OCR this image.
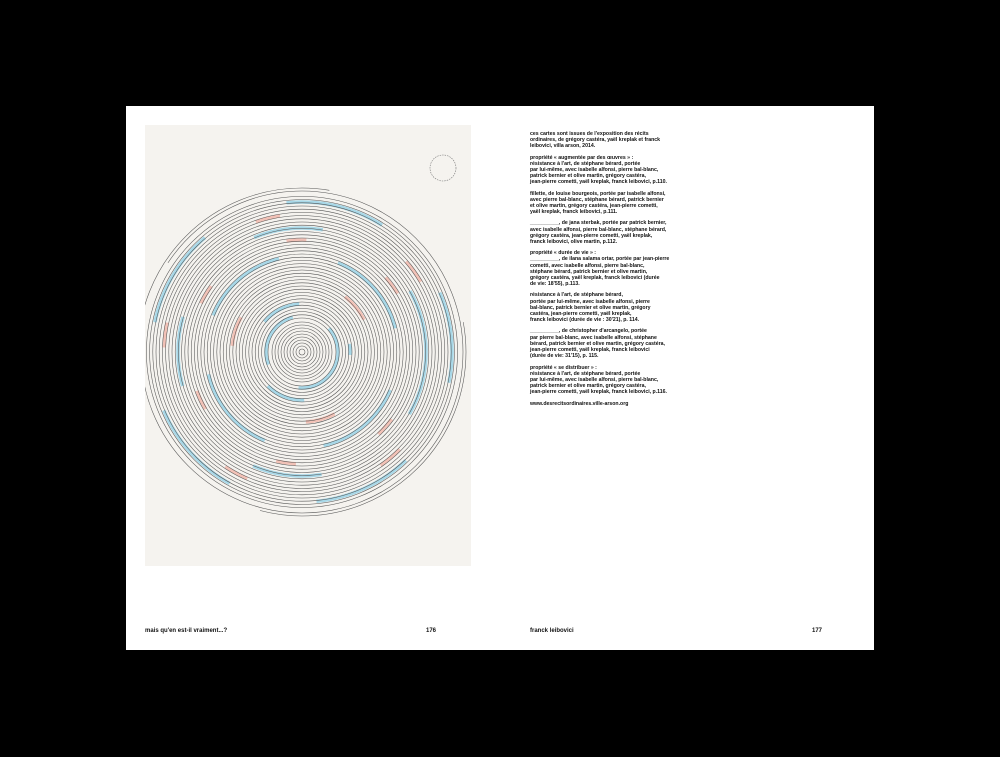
mais qu'en est-il vraiment...?	176

ces cartes sont issues de l'exposition des récits
ordinaires, de grégory castéra, yaël kreplak et franck
leibovici, villa arson, 2014.

propriété « augmentée par des œuvres » :
résistance à l'art, de stéphane bérard, portée
par lui-même, avec isabelle alfonsi, pierre bal-blanc,
patrick bernier et olive martin, grégory castéra,
jean-pierre cometti, yaël kreplak, franck leibovici, p.110.

fillette, de louise bourgeois, portée par isabelle alfonsi,
avec pierre bal-blanc, stéphane bérard, patrick bernier
et olive martin, grégory castéra, jean-pierre cometti,
yaël kreplak, franck leibovici, p.111.

__________, de jana sterbak, portée par patrick bernier,
avec isabelle alfonsi, pierre bal-blanc, stéphane bérard,
grégory castéra, jean-pierre cometti, yaël kreplak,
franck leibovici, olive martin, p.112.

propriété « durée de vie » :
__________, de ilana salama ortar, portée par jean-pierre
cometti, avec isabelle alfonsi, pierre bal-blanc,
stéphane bérard, patrick bernier et olive martin,
grégory castéra, yaël kreplak, franck leibovici (durée
de vie: 18'55), p.113.

résistance à l'art, de stéphane bérard,
portée par lui-même, avec isabelle alfonsi, pierre
bal-blanc, patrick bernier et olive martin, grégory
castéra, jean-pierre cometti, yaël kreplak,
franck leibovici (durée de vie : 30'21), p. 114.

__________, de christopher d'arcangelo, portée
par pierre bal-blanc, avec isabelle alfonsi, stéphane
bérard, patrick bernier et olive martin, grégory castéra,
jean-pierre cometti, yaël kreplak, franck leibovici
(durée de vie: 31'15), p. 115.

propriété « se distribuer » :
résistance à l'art, de stéphane bérard, portée
par lui-même, avec isabelle alfonsi, pierre bal-blanc,
patrick bernier et olive martin, grégory castéra,
jean-pierre cometti, yaël kreplak, franck leibovici, p.116.

www.desrecitsordinaires.ville-arson.org

franck leibovici	177
